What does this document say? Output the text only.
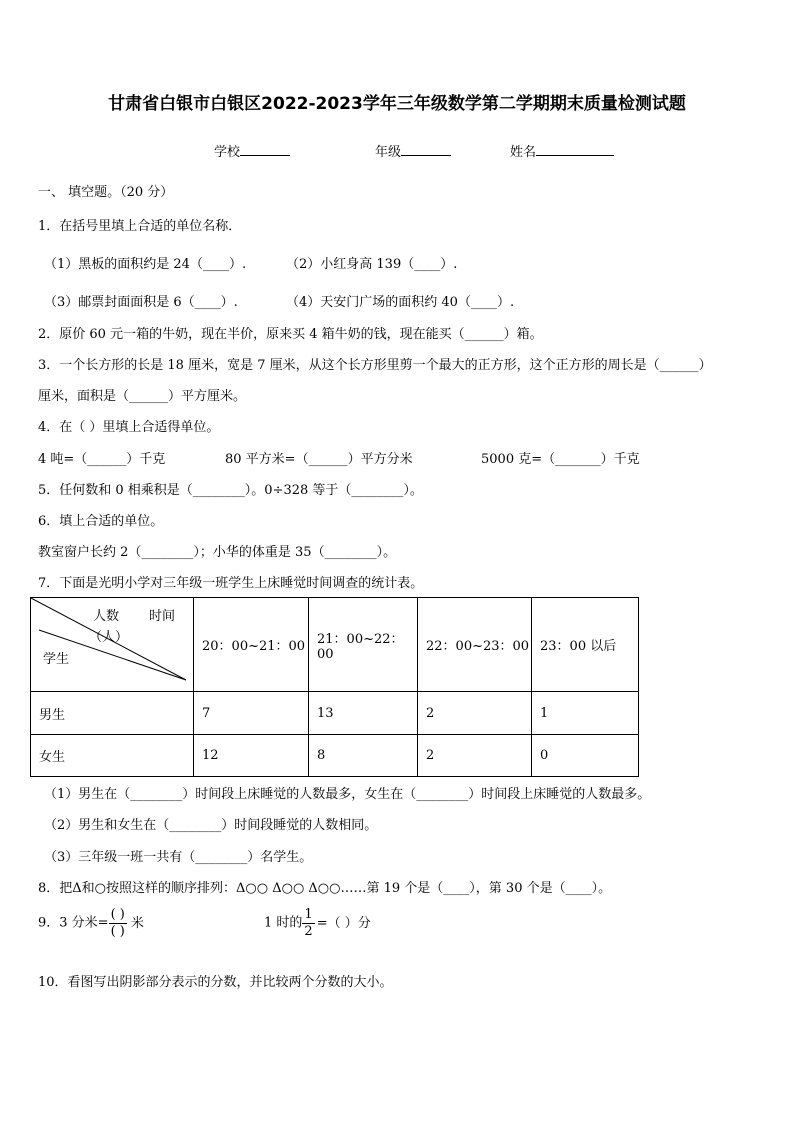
甘肃省白银市白银区2022-2023学年三年级数学第二学期期末质量检测试题
学校	年级	姓名
一、 填空题。（20 分）
1．在括号里填上合适的单位名称．
（1）黑板的面积约是 24（____）.	（2）小红身高 139（____）.
（3）邮票封面面积是 6（____）.	（4）天安门广场的面积约 40（____）.
2．原价 60 元一箱的牛奶，现在半价，原来买 4 箱牛奶的钱，现在能买（______）箱。
3．一个长方形的长是 18 厘米，宽是 7 厘米，从这个长方形里剪一个最大的正方形，这个正方形的周长是（______）
厘米，面积是（______）平方厘米。
4．在（ ）里填上合适得单位。
4 吨=（______）千克	80 平方米=（______）平方分米	5000 克=（_______）千克
5．任何数和 0 相乘积是（________）。0÷328 等于（________）。
6．填上合适的单位。
教室窗户长约 2（________）；小华的体重是 35（________）。
7．下面是光明小学对三年级一班学生上床睡觉时间调查的统计表。
人数 时间
（人）
学生	20：00~21：00	21：00~22：00	22：00~23：00	23：00 以后
男生	7	13	2	1
女生	12	8	2	0
（1）男生在（________）时间段上床睡觉的人数最多，女生在（________）时间段上床睡觉的人数最多。
（2）男生和女生在（________）时间段睡觉的人数相同。
（3）三年级一班一共有（________）名学生。
8．把Δ和○按照这样的顺序排列：Δ○○ Δ○○ Δ○○……第 19 个是（____），第 30 个是（____）。
9．3 分米= $\frac{( )}{( )}$ 米	1 时的 $\frac{1}{2}$ =（ ）分
10．看图写出阴影部分表示的分数，并比较两个分数的大小。
